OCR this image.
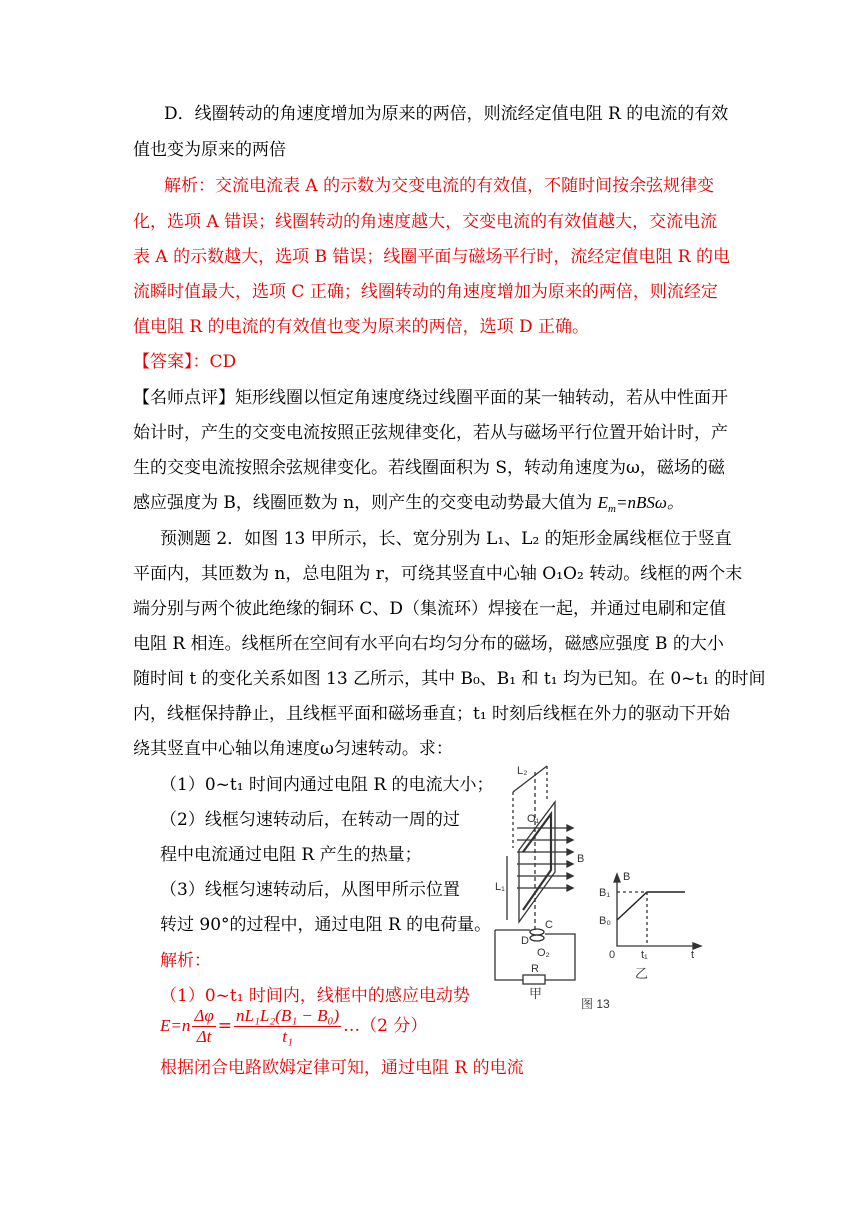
D．线圈转动的角速度增加为原来的两倍，则流经定值电阻 R 的电流的有效
值也变为原来的两倍
解析：交流电流表 A 的示数为交变电流的有效值，不随时间按余弦规律变
化，选项 A 错误；线圈转动的角速度越大，交变电流的有效值越大，交流电流
表 A 的示数越大，选项 B 错误；线圈平面与磁场平行时，流经定值电阻 R 的电
流瞬时值最大，选项 C 正确；线圈转动的角速度增加为原来的两倍，则流经定
值电阻 R 的电流的有效值也变为原来的两倍，选项 D 正确。
【答案】：CD
【名师点评】矩形线圈以恒定角速度绕过线圈平面的某一轴转动，若从中性面开
始计时，产生的交变电流按照正弦规律变化，若从与磁场平行位置开始计时，产
生的交变电流按照余弦规律变化。若线圈面积为 S，转动角速度为ω，磁场的磁
感应强度为 B，线圈匝数为 n，则产生的交变电动势最大值为 $E_m=nBS\omega$。
预测题 2．如图 13 甲所示，长、宽分别为 L₁、L₂ 的矩形金属线框位于竖直
平面内，其匝数为 n，总电阻为 r，可绕其竖直中心轴 O₁O₂ 转动。线框的两个末
端分别与两个彼此绝缘的铜环 C、D（集流环）焊接在一起，并通过电刷和定值
电阻 R 相连。线框所在空间有水平向右均匀分布的磁场，磁感应强度 B 的大小
随时间 t 的变化关系如图 13 乙所示，其中 B₀、B₁ 和 t₁ 均为已知。在 0~t₁ 的时间
内，线框保持静止，且线框平面和磁场垂直；t₁ 时刻后线框在外力的驱动下开始
绕其竖直中心轴以角速度ω匀速转动。求：
（1）0~t₁ 时间内通过电阻 R 的电流大小；
（2）线框匀速转动后，在转动一周的过
程中电流通过电阻 R 产生的热量；
（3）线框匀速转动后，从图甲所示位置
转过 90°的过程中，通过电阻 R 的电荷量。
解析：
（1）0~t₁ 时间内，线框中的感应电动势
$E=n \frac{\Delta\varphi}{\Delta t} = \frac{\text{nL₁L₂(B₁ − B₀)}}{\text{t₁}}$ …（2 分）
根据闭合电路欧姆定律可知，通过电阻 R 的电流
L₂
O₁
B
L₁
C
D
O₂
R
甲
图 13
B
B₁
B₀
0 t₁	t
乙
